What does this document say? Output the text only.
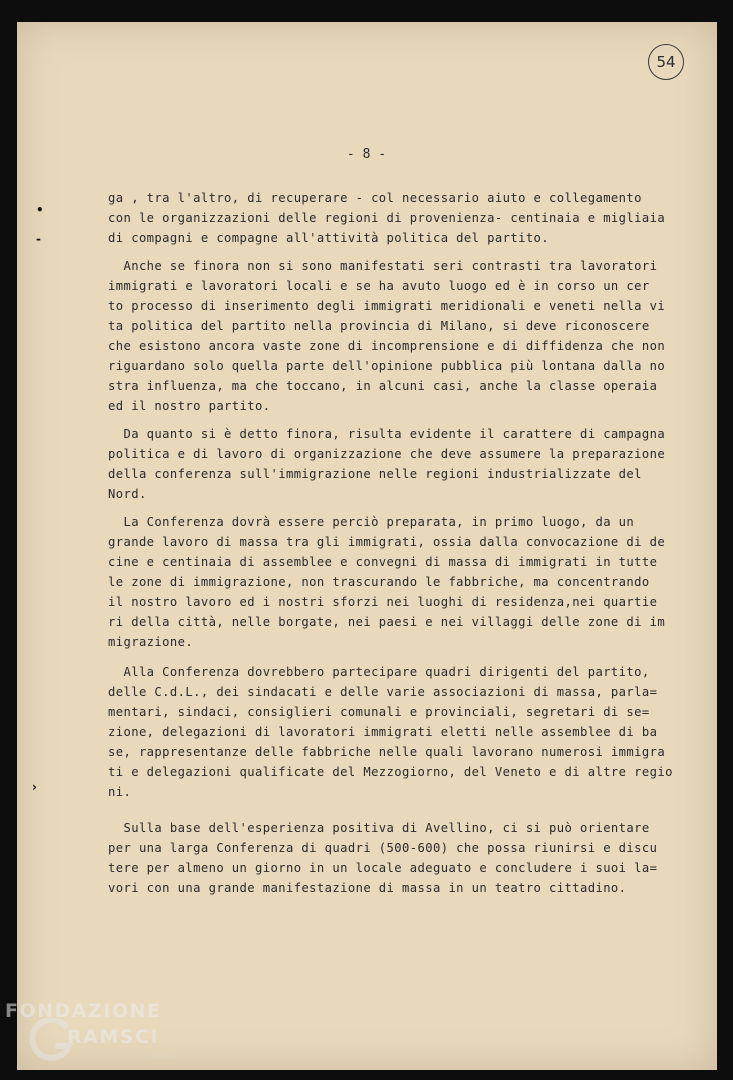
54
- 8 -
•
-
›
ga , tra l'altro, di recuperare - col necessario aiuto e collegamento
con le organizzazioni delle regioni di provenienza- centinaia e migliaia
di compagni e compagne all'attività politica del partito.
Anche se finora non si sono manifestati seri contrasti tra lavoratori
immigrati e lavoratori locali e se ha avuto luogo ed è in corso un cer
to processo di inserimento degli immigrati meridionali e veneti nella vi
ta politica del partito nella provincia di Milano, si deve riconoscere
che esistono ancora vaste zone di incomprensione e di diffidenza che non
riguardano solo quella parte dell'opinione pubblica più lontana dalla no
stra influenza, ma che toccano, in alcuni casi, anche la classe operaia
ed il nostro partito.
Da quanto si è detto finora, risulta evidente il carattere di campagna
politica e di lavoro di organizzazione che deve assumere la preparazione
della conferenza sull'immigrazione nelle regioni industrializzate del
Nord.
La Conferenza dovrà essere perciò preparata, in primo luogo, da un
grande lavoro di massa tra gli immigrati, ossia dalla convocazione di de
cine e centinaia di assemblee e convegni di massa di immigrati in tutte
le zone di immigrazione, non trascurando le fabbriche, ma concentrando
il nostro lavoro ed i nostri sforzi nei luoghi di residenza,nei quartie
ri della città, nelle borgate, nei paesi e nei villaggi delle zone di im
migrazione.
Alla Conferenza dovrebbero partecipare quadri dirigenti del partito,
delle C.d.L., dei sindacati e delle varie associazioni di massa, parla=
mentari, sindaci, consiglieri comunali e provinciali, segretari di se=
zione, delegazioni di lavoratori immigrati eletti nelle assemblee di ba
se, rappresentanze delle fabbriche nelle quali lavorano numerosi immigra
ti e delegazioni qualificate del Mezzogiorno, del Veneto e di altre regio
ni.
Sulla base dell'esperienza positiva di Avellino, ci si può orientare
per una larga Conferenza di quadri (500-600) che possa riunirsi e discu
tere per almeno un giorno in un locale adeguato e concludere i suoi la=
vori con una grande manifestazione di massa in un teatro cittadino.
FONDAZIONE
RAMSCI
onlus
